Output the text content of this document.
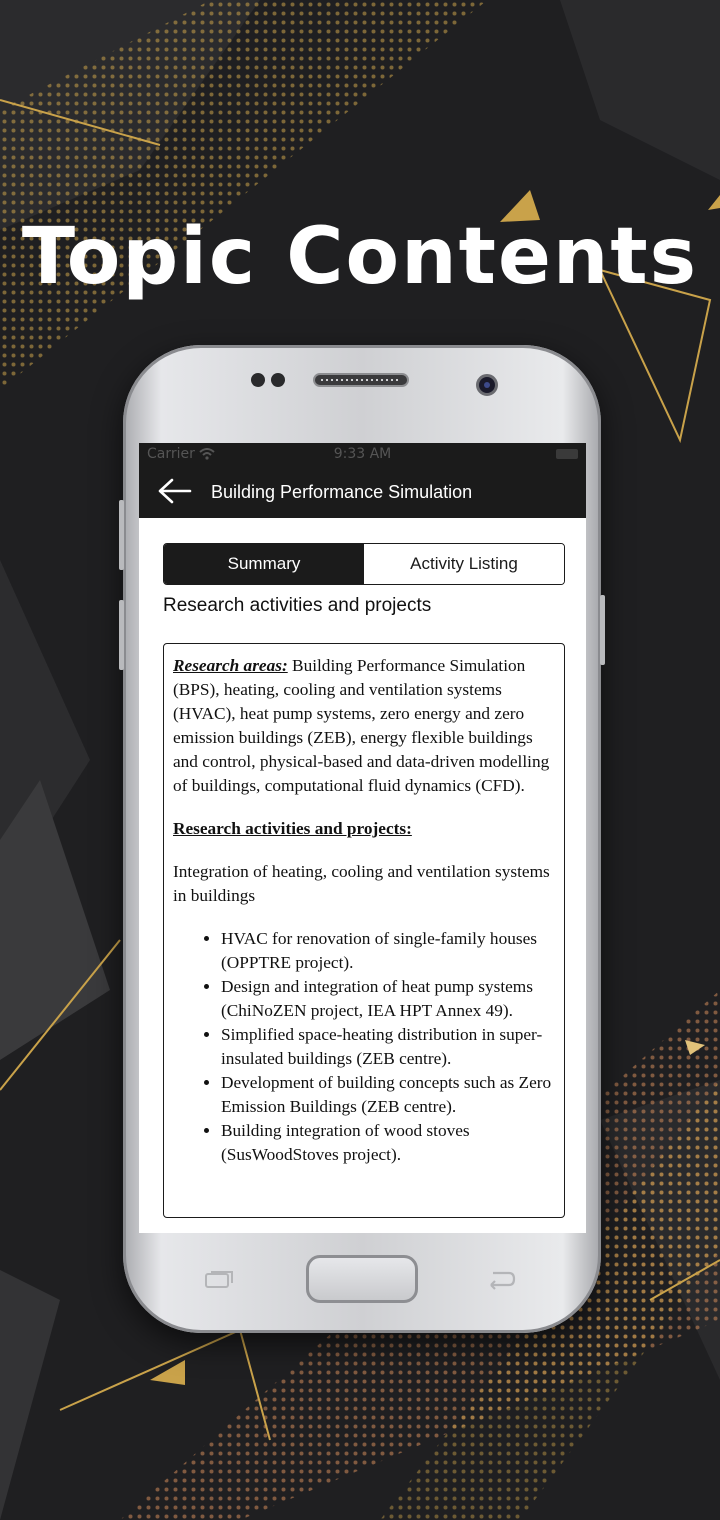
Topic Contents
Carrier	9:33 AM
Building Performance Simulation
Summary	Activity Listing
Research activities and projects

Research areas: Building Performance Simulation (BPS), heating, cooling and ventilation systems (HVAC), heat pump systems, zero energy and zero emission buildings (ZEB), energy flexible buildings and control, physical-based and data-driven modelling of buildings, computational fluid dynamics (CFD).

Research activities and projects:

Integration of heating, cooling and ventilation systems in buildings

• HVAC for renovation of single-family houses (OPPTRE project).
• Design and integration of heat pump systems (ChiNoZEN project, IEA HPT Annex 49).
• Simplified space-heating distribution in super-insulated buildings (ZEB centre).
• Development of building concepts such as Zero Emission Buildings (ZEB centre).
• Building integration of wood stoves (SusWoodStoves project).
